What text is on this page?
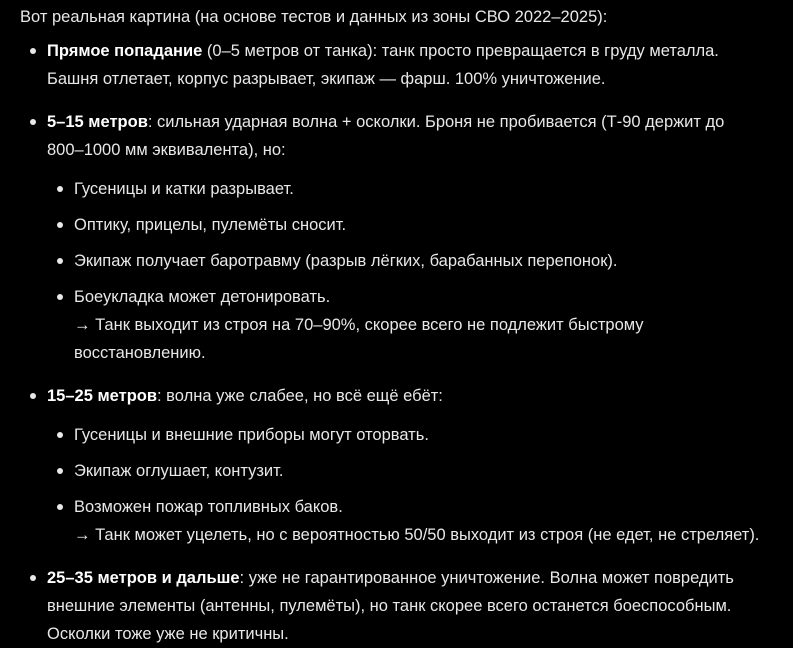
Вот реальная картина (на основе тестов и данных из зоны СВО 2022–2025):

Прямое попадание (0–5 метров от танка): танк просто превращается в груду металла. Башня отлетает, корпус разрывает, экипаж — фарш. 100% уничтожение.
5–15 метров: сильная ударная волна + осколки. Броня не пробивается (Т-90 держит до 800–1000 мм эквивалента), но:
Гусеницы и катки разрывает.
Оптику, прицелы, пулемёты сносит.
Экипаж получает баротравму (разрыв лёгких, барабанных перепонок).
Боеукладка может детонировать.
→ Танк выходит из строя на 70–90%, скорее всего не подлежит быстрому восстановлению.
15–25 метров: волна уже слабее, но всё ещё ебёт:
Гусеницы и внешние приборы могут оторвать.
Экипаж оглушает, контузит.
Возможен пожар топливных баков.
→ Танк может уцелеть, но с вероятностью 50/50 выходит из строя (не едет, не стреляет).
25–35 метров и дальше: уже не гарантированное уничтожение. Волна может повредить внешние элементы (антенны, пулемёты), но танк скорее всего останется боеспособным. Осколки тоже уже не критичны.
